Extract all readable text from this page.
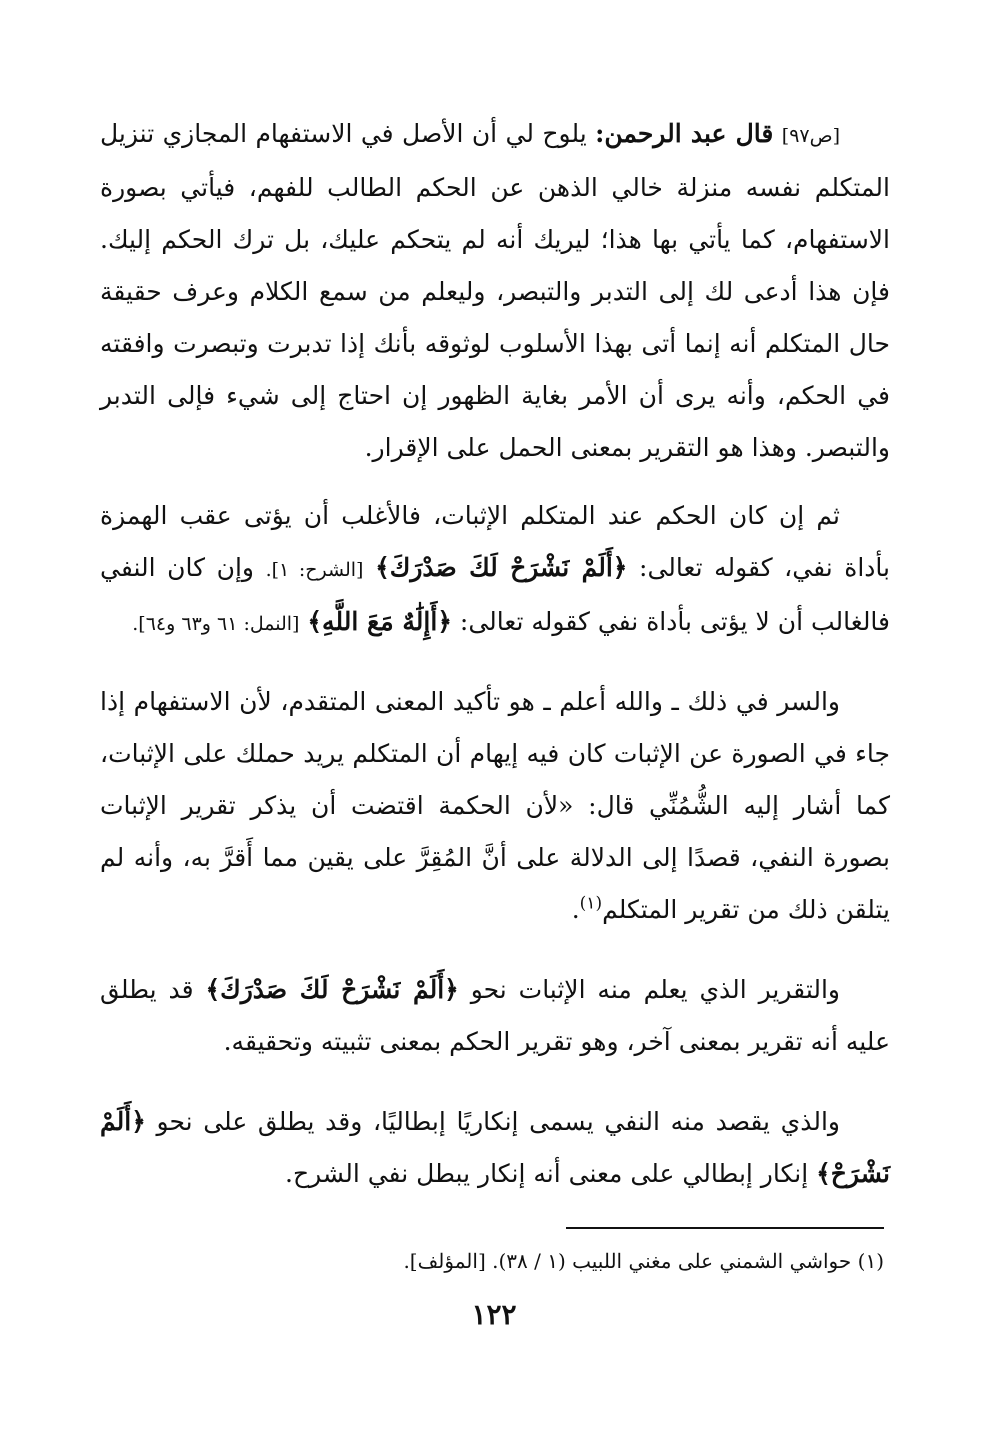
[ص٩٧] قال عبد الرحمن: يلوح لي أن الأصل في الاستفهام المجازي تنزيل المتكلم نفسه منزلة خالي الذهن عن الحكم الطالب للفهم، فيأتي بصورة الاستفهام، كما يأتي بها هذا؛ ليريك أنه لم يتحكم عليك، بل ترك الحكم إليك. فإن هذا أدعى لك إلى التدبر والتبصر، وليعلم من سمع الكلام وعرف حقيقة حال المتكلم أنه إنما أتى بهذا الأسلوب لوثوقه بأنك إذا تدبرت وتبصرت وافقته في الحكم، وأنه يرى أن الأمر بغاية الظهور إن احتاج إلى شيء فإلى التدبر والتبصر. وهذا هو التقرير بمعنى الحمل على الإقرار.

ثم إن كان الحكم عند المتكلم الإثبات، فالأغلب أن يؤتى عقب الهمزة بأداة نفي، كقوله تعالى: ﴿أَلَمْ نَشْرَحْ لَكَ صَدْرَكَ﴾ [الشرح: ١]. وإن كان النفي فالغالب أن لا يؤتى بأداة نفي كقوله تعالى: ﴿أَإِلَٰهٌ مَعَ اللَّهِ﴾ [النمل: ٦١ و٦٣ و٦٤].

والسر في ذلك ـ والله أعلم ـ هو تأكيد المعنى المتقدم، لأن الاستفهام إذا جاء في الصورة عن الإثبات كان فيه إيهام أن المتكلم يريد حملك على الإثبات، كما أشار إليه الشُّمُنِّي قال: «لأن الحكمة اقتضت أن يذكر تقرير الإثبات بصورة النفي، قصدًا إلى الدلالة على أنَّ المُقِرَّ على يقين مما أَقرَّ به، وأنه لم يتلقن ذلك من تقرير المتكلم$^{(١)}$.

والتقرير الذي يعلم منه الإثبات نحو ﴿أَلَمْ نَشْرَحْ لَكَ صَدْرَكَ﴾ قد يطلق عليه أنه تقرير بمعنى آخر، وهو تقرير الحكم بمعنى تثبيته وتحقيقه.

والذي يقصد منه النفي يسمى إنكاريًا إبطاليًا، وقد يطلق على نحو ﴿أَلَمْ نَشْرَحْ﴾ إنكار إبطالي على معنى أنه إنكار يبطل نفي الشرح.

(١) حواشي الشمني على مغني اللبيب (١ / ٣٨). [المؤلف].

١٢٢
